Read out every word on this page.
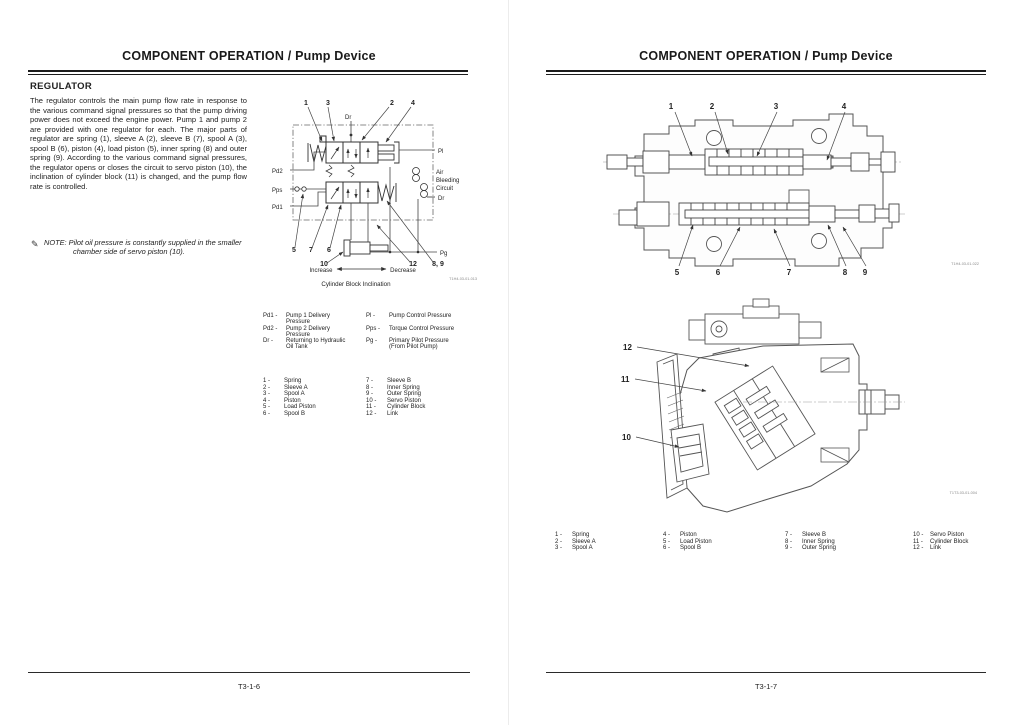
COMPONENT OPERATION / Pump Device
REGULATOR

The regulator controls the main pump flow rate in response to the various command signal pressures so that the pump driving power does not exceed the engine power. Pump 1 and pump 2 are provided with one regulator for each. The major parts of regulator are spring (1), sleeve A (2), sleeve B (7), spool A (3), spool B (6), piston (4), load piston (5), inner spring (8) and outer spring (9). According to the various command signal pressures, the regulator opens or closes the circuit to servo piston (10), the inclination of cylinder block (11) is changed, and the pump flow rate is controlled.

✎ NOTE: Pilot oil pressure is constantly supplied in the smaller chamber side of servo piston (10).

1	3	2 4
Dr
Pd2
Pps
Pd1
Pl
Air
Bleeding
Circuit
Dr
Pg
5 7 6
10	12 8, 9
Increase	Decrease
Cylinder Block Inclination
T1H4-03-01-013
Pd1 -	Pump 1 Delivery
Pressure
Pd2 -	Pump 2 Delivery
Pressure
Dr -	Returning to Hydraulic
Oil Tank
Pl -	Pump Control Pressure

Pps -	Torque Control Pressure

Pg -	Primary Pilot Pressure
(From Pilot Pump)
1 -	Spring
2 -	Sleeve A
3 -	Spool A
4 -	Piston
5 -	Load Piston
6 -	Spool B
7 -	Sleeve B
8 -	Inner Spring
9 -	Outer Spring
10 -	Servo Piston
11 -	Cylinder Block
12 -	Link
T3-1-6
COMPONENT OPERATION / Pump Device
1	2	3	4
5	6	7	8 9
T1H4-03-01-022
12
11
10
T1T3-03-01-004
1 -	Spring
2 -	Sleeve A
3 -	Spool A
4 -	Piston
5 -	Load Piston
6 -	Spool B
7 -	Sleeve B
8 -	Inner Spring
9 -	Outer Spring
10 -	Servo Piston
11 -	Cylinder Block
12 -	Link
T3-1-7
